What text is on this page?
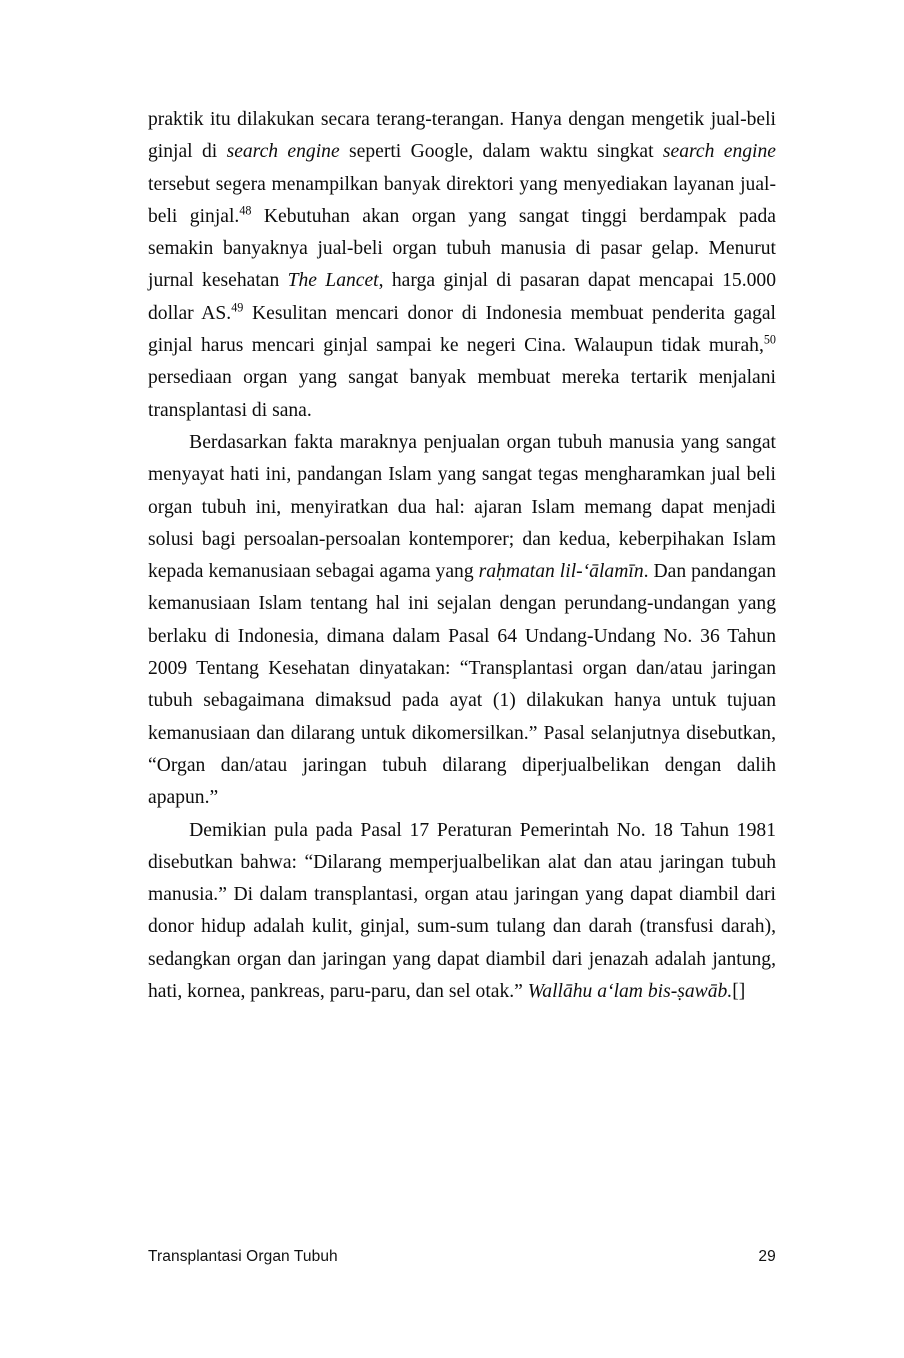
praktik itu dilakukan secara terang-terangan. Hanya dengan mengetik jual-beli ginjal di search engine seperti Google, dalam waktu singkat search engine tersebut segera menampilkan banyak direktori yang menyediakan layanan jual-beli ginjal.$^{48}$ Kebutuhan akan organ yang sangat tinggi berdampak pada semakin banyaknya jual-beli organ tubuh manusia di pasar gelap. Menurut jurnal kesehatan The Lancet, harga ginjal di pasaran dapat mencapai 15.000 dollar AS.$^{49}$ Kesulitan mencari donor di Indonesia membuat penderita gagal ginjal harus mencari ginjal sampai ke negeri Cina. Walaupun tidak murah,$^{50}$ persediaan organ yang sangat banyak membuat mereka tertarik menjalani transplantasi di sana.

Berdasarkan fakta maraknya penjualan organ tubuh manusia yang sangat menyayat hati ini, pandangan Islam yang sangat tegas mengharamkan jual beli organ tubuh ini, menyiratkan dua hal: ajaran Islam memang dapat menjadi solusi bagi persoalan-persoalan kontemporer; dan kedua, keberpihakan Islam kepada kemanusiaan sebagai agama yang raḥmatan lil-‘ālamīn. Dan pandangan kemanusiaan Islam tentang hal ini sejalan dengan perundang-undangan yang berlaku di Indonesia, dimana dalam Pasal 64 Undang-Undang No. 36 Tahun 2009 Tentang Kesehatan dinyatakan: “Transplantasi organ dan/atau jaringan tubuh sebagaimana dimaksud pada ayat (1) dilakukan hanya untuk tujuan kemanusiaan dan dilarang untuk dikomersilkan.” Pasal selanjutnya disebutkan, “Organ dan/atau jaringan tubuh dilarang diperjualbelikan dengan dalih apapun.”

Demikian pula pada Pasal 17 Peraturan Pemerintah No. 18 Tahun 1981 disebutkan bahwa: “Dilarang memperjualbelikan alat dan atau jaringan tubuh manusia.” Di dalam transplantasi, organ atau jaringan yang dapat diambil dari donor hidup adalah kulit, ginjal, sum-sum tulang dan darah (transfusi darah), sedangkan organ dan jaringan yang dapat diambil dari jenazah adalah jantung, hati, kornea, pankreas, paru-paru, dan sel otak.” Wallāhu a‘lam bis-ṣawāb.[]

Transplantasi Organ Tubuh	29
